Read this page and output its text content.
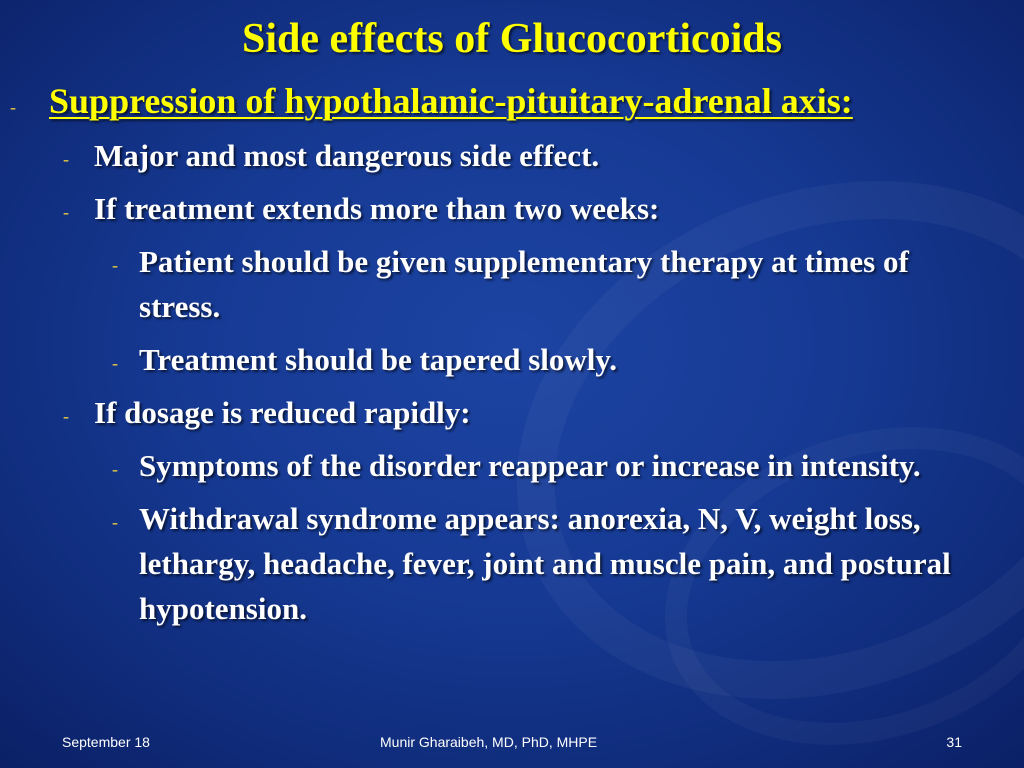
Side effects of Glucocorticoids
- Suppression of hypothalamic-pituitary-adrenal axis:
- Major and most dangerous side effect.
- If treatment extends more than two weeks:
- Patient should be given supplementary therapy at times of stress.
- Treatment should be tapered slowly.
- If dosage is reduced rapidly:
- Symptoms of the disorder reappear or increase in intensity.
- Withdrawal syndrome appears: anorexia, N, V, weight loss, lethargy, headache, fever, joint and muscle pain, and postural hypotension.
September 18	Munir Gharaibeh, MD, PhD, MHPE	31
